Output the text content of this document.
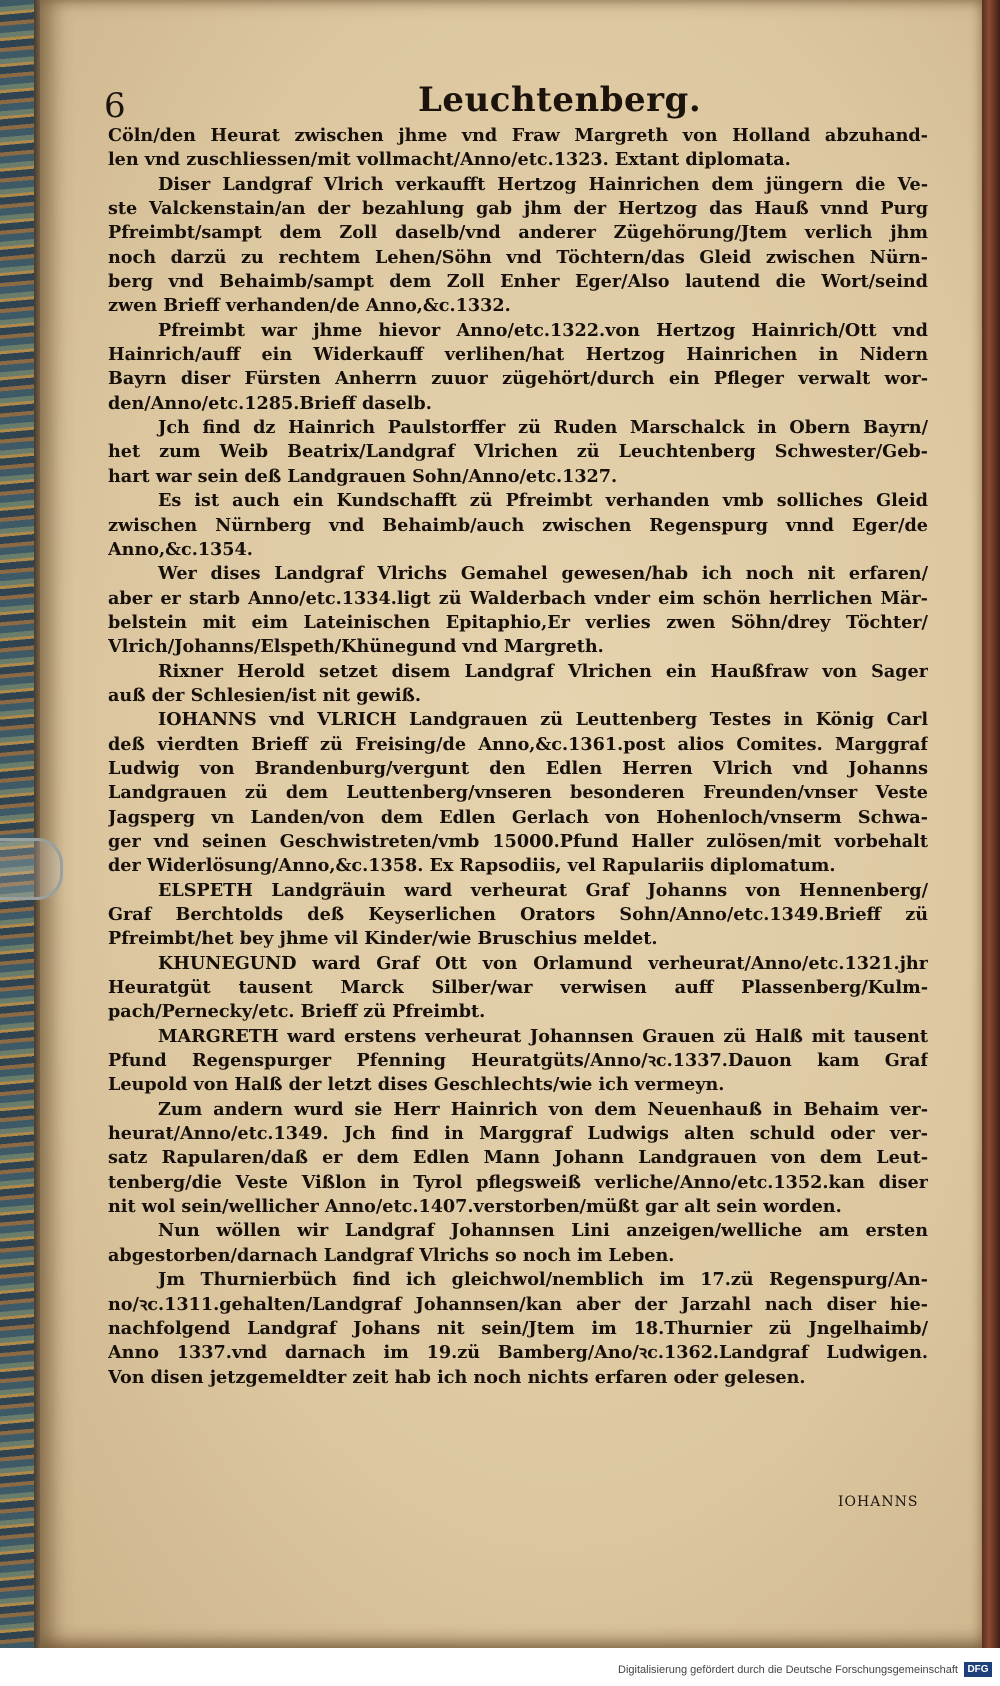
6	Leuchtenberg.
Cöln/den Heurat zwischen jhme vnd Fraw Margreth von Holland abzuhand-
len vnd zuschliessen/mit vollmacht/Anno/etc.1323. Extant diplomata.
Diser Landgraf Vlrich verkaufft Hertzog Hainrichen dem jüngern die Ve-
ste Valckenstain/an der bezahlung gab jhm der Hertzog das Hauß vnnd Purg
Pfreimbt/sampt dem Zoll daselb/vnd anderer Zügehörung/Jtem verlich jhm
noch darzü zu rechtem Lehen/Söhn vnd Töchtern/das Gleid zwischen Nürn-
berg vnd Behaimb/sampt dem Zoll Enher Eger/Also lautend die Wort/seind
zwen Brieff verhanden/de Anno,&c.1332.
Pfreimbt war jhme hievor Anno/etc.1322.von Hertzog Hainrich/Ott vnd
Hainrich/auff ein Widerkauff verlihen/hat Hertzog Hainrichen in Nidern
Bayrn diser Fürsten Anherrn zuuor zügehört/durch ein Pfleger verwalt wor-
den/Anno/etc.1285.Brieff daselb.
Jch find dz Hainrich Paulstorffer zü Ruden Marschalck in Obern Bayrn/
het zum Weib Beatrix/Landgraf Vlrichen zü Leuchtenberg Schwester/Geb-
hart war sein deß Landgrauen Sohn/Anno/etc.1327.
Es ist auch ein Kundschafft zü Pfreimbt verhanden vmb solliches Gleid
zwischen Nürnberg vnd Behaimb/auch zwischen Regenspurg vnnd Eger/de
Anno,&c.1354.
Wer dises Landgraf Vlrichs Gemahel gewesen/hab ich noch nit erfaren/
aber er starb Anno/etc.1334.ligt zü Walderbach vnder eim schön herrlichen Mär-
belstein mit eim Lateinischen Epitaphio,Er verlies zwen Söhn/drey Töchter/
Vlrich/Johanns/Elspeth/Khünegund vnd Margreth.
Rixner Herold setzet disem Landgraf Vlrichen ein Haußfraw von Sager
auß der Schlesien/ist nit gewiß.
IOHANNS vnd VLRICH Landgrauen zü Leuttenberg Testes in König Carl
deß vierdten Brieff zü Freising/de Anno,&c.1361.post alios Comites. Marggraf
Ludwig von Brandenburg/vergunt den Edlen Herren Vlrich vnd Johanns
Landgrauen zü dem Leuttenberg/vnseren besonderen Freunden/vnser Veste
Jagsperg vn Landen/von dem Edlen Gerlach von Hohenloch/vnserm Schwa-
ger vnd seinen Geschwistreten/vmb 15000.Pfund Haller zulösen/mit vorbehalt
der Widerlösung/Anno,&c.1358. Ex Rapsodiis, vel Rapulariis diplomatum.
ELSPETH Landgräuin ward verheurat Graf Johanns von Hennenberg/
Graf Berchtolds deß Keyserlichen Orators Sohn/Anno/etc.1349.Brieff zü
Pfreimbt/het bey jhme vil Kinder/wie Bruschius meldet.
KHUNEGUND ward Graf Ott von Orlamund verheurat/Anno/etc.1321.jhr
Heuratgüt tausent Marck Silber/war verwisen auff Plassenberg/Kulm-
pach/Pernecky/etc. Brieff zü Pfreimbt.
MARGRETH ward erstens verheurat Johannsen Grauen zü Halß mit tausent
Pfund Regenspurger Pfenning Heuratgüts/Anno/ꝛc.1337.Dauon kam Graf
Leupold von Halß der letzt dises Geschlechts/wie ich vermeyn.
Zum andern wurd sie Herr Hainrich von dem Neuenhauß in Behaim ver-
heurat/Anno/etc.1349. Jch find in Marggraf Ludwigs alten schuld oder ver-
satz Rapularen/daß er dem Edlen Mann Johann Landgrauen von dem Leut-
tenberg/die Veste Vißlon in Tyrol pflegsweiß verliche/Anno/etc.1352.kan diser
nit wol sein/wellicher Anno/etc.1407.verstorben/müßt gar alt sein worden.
Nun wöllen wir Landgraf Johannsen Lini anzeigen/welliche am ersten
abgestorben/darnach Landgraf Vlrichs so noch im Leben.
Jm Thurnierbüch find ich gleichwol/nemblich im 17.zü Regenspurg/An-
no/ꝛc.1311.gehalten/Landgraf Johannsen/kan aber der Jarzahl nach diser hie-
nachfolgend Landgraf Johans nit sein/Jtem im 18.Thurnier zü Jngelhaimb/
Anno 1337.vnd darnach im 19.zü Bamberg/Ano/ꝛc.1362.Landgraf Ludwigen.
Von disen jetzgemeldter zeit hab ich noch nichts erfaren oder gelesen.
IOHANNS
Digitalisierung gefördert durch die Deutsche Forschungsgemeinschaft DFG
